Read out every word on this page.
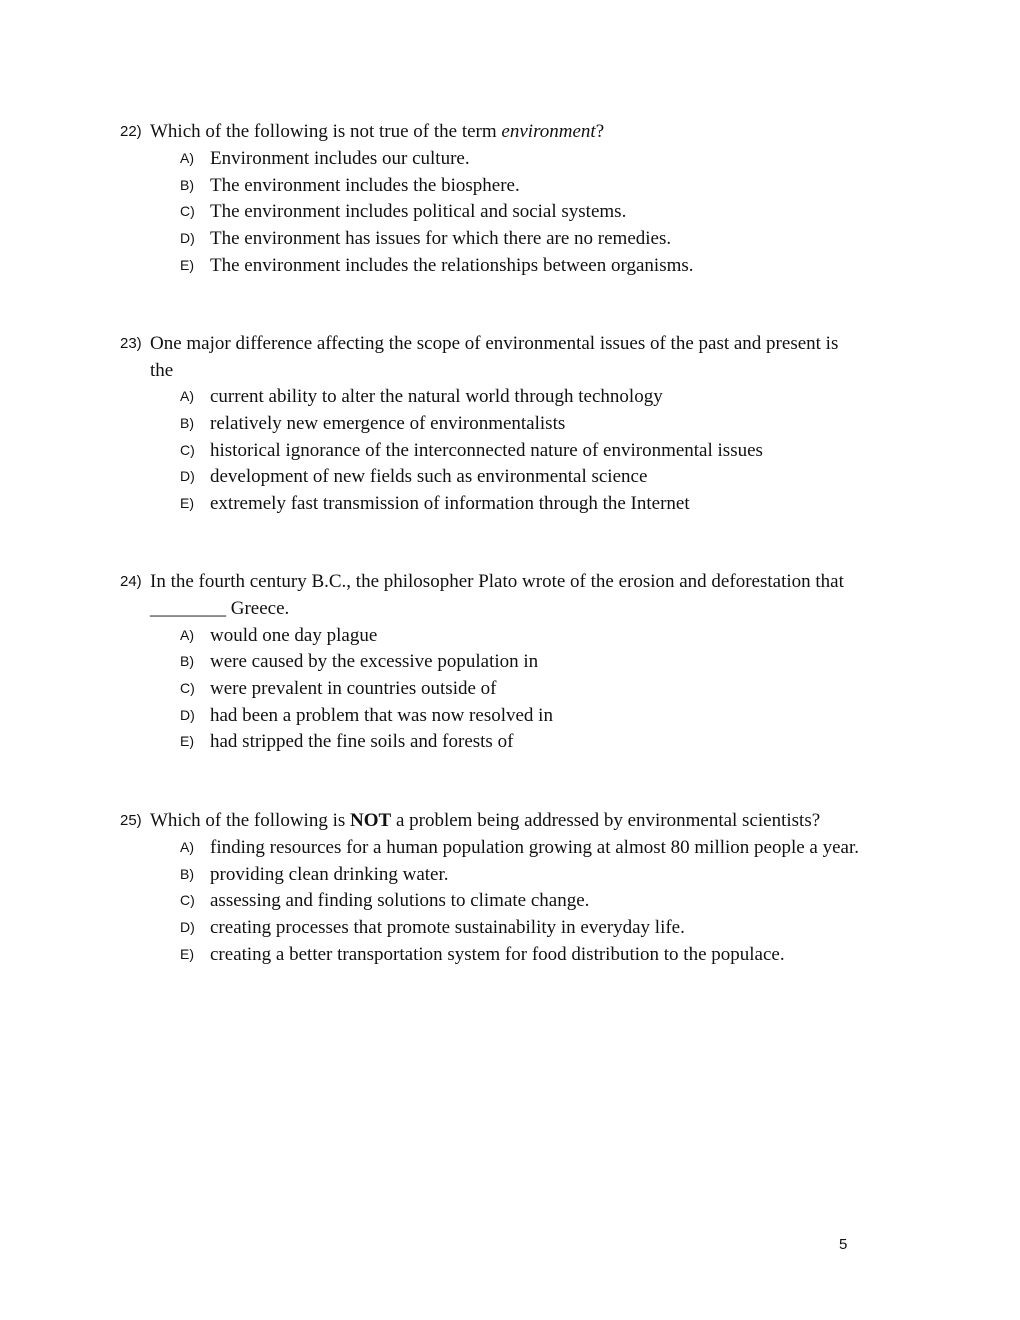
22) Which of the following is not true of the term environment?
A) Environment includes our culture.
B) The environment includes the biosphere.
C) The environment includes political and social systems.
D) The environment has issues for which there are no remedies.
E) The environment includes the relationships between organisms.
23) One major difference affecting the scope of environmental issues of the past and present is
the
A) current ability to alter the natural world through technology
B) relatively new emergence of environmentalists
C) historical ignorance of the interconnected nature of environmental issues
D) development of new fields such as environmental science
E) extremely fast transmission of information through the Internet
24) In the fourth century B.C., the philosopher Plato wrote of the erosion and deforestation that
________ Greece.
A) would one day plague
B) were caused by the excessive population in
C) were prevalent in countries outside of
D) had been a problem that was now resolved in
E) had stripped the fine soils and forests of
25) Which of the following is NOT a problem being addressed by environmental scientists?
A) finding resources for a human population growing at almost 80 million people a year.
B) providing clean drinking water.
C) assessing and finding solutions to climate change.
D) creating processes that promote sustainability in everyday life.
E) creating a better transportation system for food distribution to the populace.
5
